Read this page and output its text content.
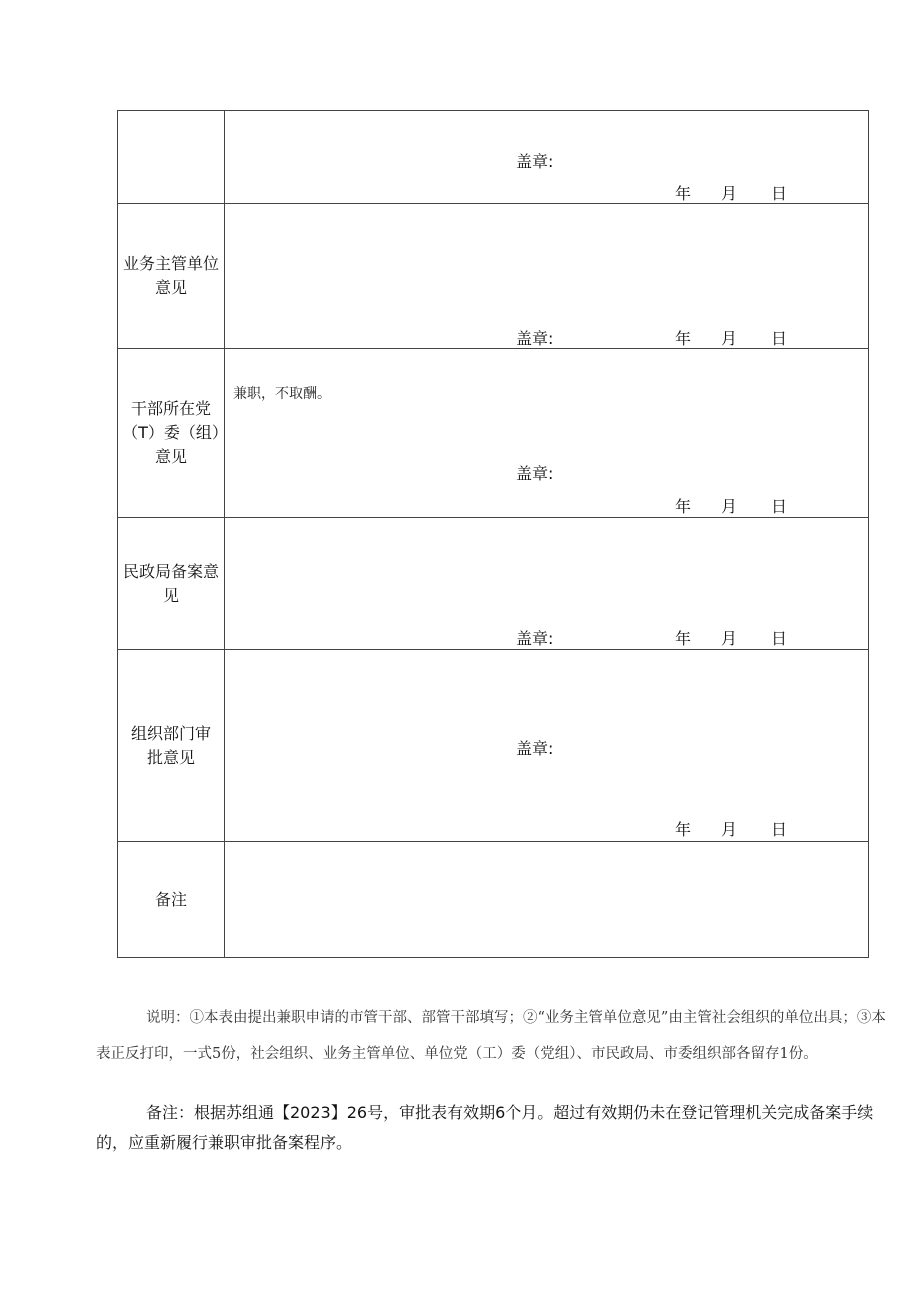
	盖章:
年 月 日

业务主管单位意见	盖章: 年 月 日

干部所在党（T）委（组）意见	兼职，不取酬。
盖章:
年 月 日

民政局备案意见	盖章: 年 月 日

组织部门审批意见	盖章:
年 月 日

备注	
说明：①本表由提出兼职申请的市管干部、部管干部填写；②“业务主管单位意见”由主管社会组织的单位出具；③本表正反打印，一式5份，社会组织、业务主管单位、单位党（工）委（党组）、市民政局、市委组织部各留存1份。
备注：根据苏组通【2023】26号，审批表有效期6个月。超过有效期仍未在登记管理机关完成备案手续的，应重新履行兼职审批备案程序。
